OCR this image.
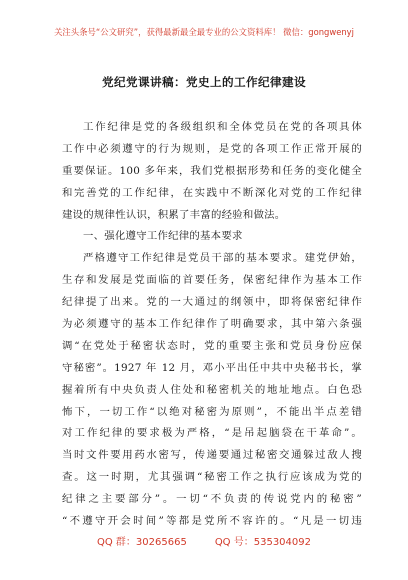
关注头条号“公文研究”，获得最新最全最专业的公文资料库！ 微信：gongwenyj
党纪党课讲稿：党史上的工作纪律建设
工作纪律是党的各级组织和全体党员在党的各项具体
工作中必须遵守的行为规则，是党的各项工作正常开展的
重要保证。100 多年来，我们党根据形势和任务的变化健全
和完善党的工作纪律，在实践中不断深化对党的工作纪律
建设的规律性认识，积累了丰富的经验和做法。
一、强化遵守工作纪律的基本要求
严格遵守工作纪律是党员干部的基本要求。建党伊始，
生存和发展是党面临的首要任务，保密纪律作为基本工作
纪律提了出来。党的一大通过的纲领中，即将保密纪律作
为必须遵守的基本工作纪律作了明确要求，其中第六条强
调“在党处于秘密状态时，党的重要主张和党员身份应保
守秘密”。1927 年 12 月，邓小平出任中共中央秘书长，掌
握着所有中央负责人住处和秘密机关的地址地点。白色恐
怖下，一切工作“以绝对秘密为原则”，不能出半点差错
对工作纪律的要求极为严格，“是吊起脑袋在干革命”。
当时文件要用药水密写，传递要通过秘密交通躲过敌人搜
查。这一时期，尤其强调“秘密工作之执行应该成为党的
纪律之主要部分”。一切“不负责的传说党内的秘密”
“不遵守开会时间”等都是党所不容许的。“凡是一切违
QQ 群：30265665	QQ 号：535304092
